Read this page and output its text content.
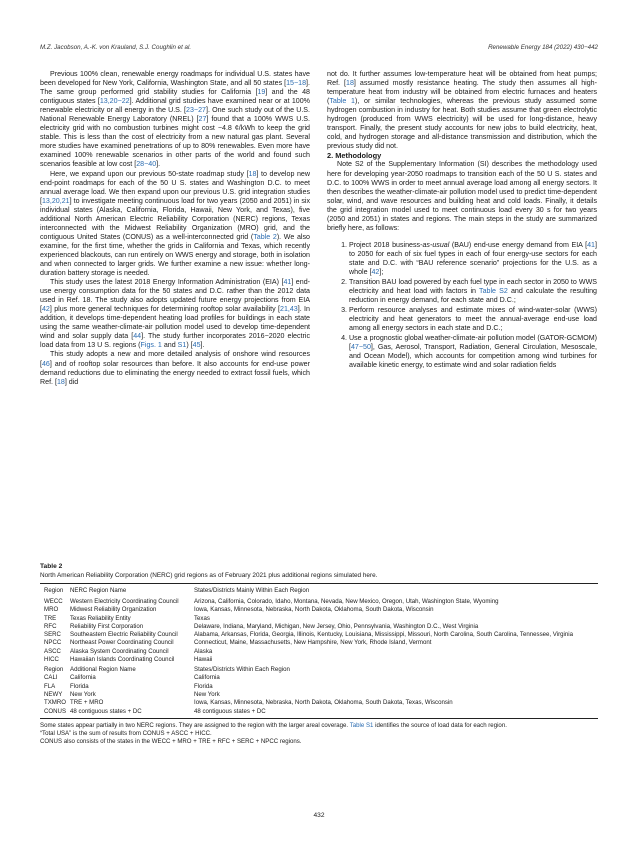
M.Z. Jacobson, A.-K. von Krauland, S.J. Coughlin et al.	Renewable Energy 184 (2022) 430−442

Previous 100% clean, renewable energy roadmaps for individual U.S. states have been developed for New York, California, Washington State, and all 50 states [15−18]. The same group performed grid stability studies for California [19] and the 48 contiguous states [13,20−22]. Additional grid studies have examined near or at 100% renewable electricity or all energy in the U.S. [23−27]. One such study out of the U.S. National Renewable Energy Laboratory (NREL) [27] found that a 100% WWS U.S. electricity grid with no combustion turbines might cost −4.8 ¢/kWh to keep the grid stable. This is less than the cost of electricity from a new natural gas plant. Several more studies have examined penetrations of up to 80% renewables. Even more have examined 100% renewable scenarios in other parts of the world and found such scenarios feasible at low cost [28−40].

Here, we expand upon our previous 50-state roadmap study [18] to develop new end-point roadmaps for each of the 50 U S. states and Washington D.C. to meet annual average load. We then expand upon our previous U.S. grid integration studies [13,20,21] to investigate meeting continuous load for two years (2050 and 2051) in six individual states (Alaska, California, Florida, Hawaii, New York, and Texas), five additional North American Electric Reliability Corporation (NERC) regions, Texas interconnected with the Midwest Reliability Organization (MRO) grid, and the contiguous United States (CONUS) as a well-interconnected grid (Table 2). We also examine, for the first time, whether the grids in California and Texas, which recently experienced blackouts, can run entirely on WWS energy and storage, both in isolation and when connected to larger grids. We further examine a new issue: whether long-duration battery storage is needed.

This study uses the latest 2018 Energy Information Administration (EIA) [41] end-use energy consumption data for the 50 states and D.C. rather than the 2012 data used in Ref. 18. The study also adopts updated future energy projections from EIA [42] plus more general techniques for determining rooftop solar availability [21,43]. In addition, it develops time-dependent heating load profiles for buildings in each state using the same weather-climate-air pollution model used to develop time-dependent wind and solar supply data [44]. The study further incorporates 2016−2020 electric load data from 13 U S. regions (Figs. 1 and S1) [45].

This study adopts a new and more detailed analysis of onshore wind resources [46] and of rooftop solar resources than before. It also accounts for end-use power demand reductions due to eliminating the energy needed to extract fossil fuels, which Ref. [18] did

not do. It further assumes low-temperature heat will be obtained from heat pumps; Ref. [18] assumed mostly resistance heating. The study then assumes all high-temperature heat from industry will be obtained from electric furnaces and heaters (Table 1), or similar technologies, whereas the previous study assumed some hydrogen combustion in industry for heat. Both studies assume that green electrolytic hydrogen (produced from WWS electricity) will be used for long-distance, heavy transport. Finally, the present study accounts for new jobs to build electricity, heat, cold, and hydrogen storage and all-distance transmission and distribution, which the previous study did not.

2. Methodology

Note S2 of the Supplementary Information (SI) describes the methodology used here for developing year-2050 roadmaps to transition each of the 50 U S. states and D.C. to 100% WWS in order to meet annual average load among all energy sectors. It then describes the weather-climate-air pollution model used to predict time-dependent solar, wind, and wave resources and building heat and cold loads. Finally, it details the grid integration model used to meet continuous load every 30 s for two years (2050 and 2051) in states and regions. The main steps in the study are summarized briefly here, as follows:

1. Project 2018 business-as-usual (BAU) end-use energy demand from EIA [41] to 2050 for each of six fuel types in each of four energy-use sectors for each state and D.C. with “BAU reference scenario” projections for the U.S. as a whole [42];
2. Transition BAU load powered by each fuel type in each sector in 2050 to WWS electricity and heat load with factors in Table S2 and calculate the resulting reduction in energy demand, for each state and D.C.;
3. Perform resource analyses and estimate mixes of wind-water-solar (WWS) electricity and heat generators to meet the annual-average end-use load among all energy sectors in each state and D.C.;
4. Use a prognostic global weather-climate-air pollution model (GATOR-GCMOM)[47−50], Gas, Aerosol, Transport, Radiation, General Circulation, Mesoscale, and Ocean Model), which accounts for competition among wind turbines for available kinetic energy, to estimate wind and solar radiation fields
Table 2
North American Reliability Corporation (NERC) grid regions as of February 2021 plus additional regions simulated here.
Region	NERC Region Name	States/Districts Mainly Within Each Region
WECC	Western Electricity Coordinating Council	Arizona, California, Colorado, Idaho, Montana, Nevada, New Mexico, Oregon, Utah, Washington State, Wyoming
MRO	Midwest Reliability Organization	Iowa, Kansas, Minnesota, Nebraska, North Dakota, Oklahoma, South Dakota, Wisconsin
TRE	Texas Reliability Entity	Texas
RFC	Reliability First Corporation	Delaware, Indiana, Maryland, Michigan, New Jersey, Ohio, Pennsylvania, Washington D.C., West Virginia
SERC	Southeastern Electric Reliability Council	Alabama, Arkansas, Florida, Georgia, Illinois, Kentucky, Louisiana, Mississippi, Missouri, North Carolina, South Carolina, Tennessee, Virginia
NPCC	Northeast Power Coordinating Council	Connecticut, Maine, Massachusetts, New Hampshire, New York, Rhode Island, Vermont
ASCC	Alaska System Coordinating Council	Alaska
HICC	Hawaiian Islands Coordinating Council	Hawaii
Region	Additional Region Name	States/Districts Within Each Region
CALI	California	California
FLA	Florida	Florida
NEWY	New York	New York
TXMRO	TRE + MRO	Iowa, Kansas, Minnesota, Nebraska, North Dakota, Oklahoma, South Dakota, Texas, Wisconsin
CONUS	48 contiguous states + DC	48 contiguous states + DC
Some states appear partially in two NERC regions. They are assigned to the region with the larger areal coverage. Table S1 identifies the source of load data for each region.
“Total USA” is the sum of results from CONUS + ASCC + HICC.
CONUS also consists of the states in the WECC + MRO + TRE + RFC + SERC + NPCC regions.
432
